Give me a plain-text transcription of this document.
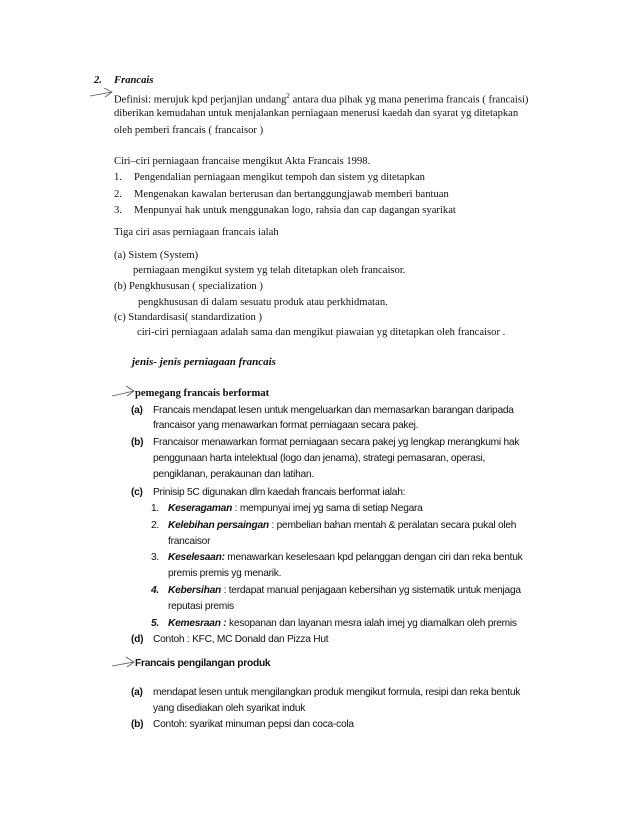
2. Francais
Definisi: merujuk kpd perjanjian undang$^2$ antara dua pihak yg mana penerima francais ( francaisi)
diberikan kemudahan untuk menjalankan perniagaan menerusi kaedah dan syarat yg ditetapkan
oleh pemberi francais ( francaisor )
Ciri–ciri perniagaan francaise mengikut Akta Francais 1998.
1. Pengendalian perniagaan mengikut tempoh dan sistem yg ditetapkan
2. Mengenakan kawalan berterusan dan bertanggungjawab memberi bantuan
3. Menpunyai hak untuk menggunakan logo, rahsia dan cap dagangan syarikat
Tiga ciri asas perniagaan francais ialah
(a) Sistem (System)
perniagaan mengikut system yg telah ditetapkan oleh francaisor.
(b) Pengkhususan ( specialization )
pengkhususan di dalam sesuatu produk atau perkhidmatan.
(c) Standardisasi( standardization )
ciri-ciri perniagaan adalah sama dan mengikut piawaian yg ditetapkan oleh francaisor .
jenis- jenis perniagaan francais
pemegang francais berformat
(a) Francais mendapat lesen untuk mengeluarkan dan memasarkan barangan daripada
francaisor yang menawarkan format perniagaan secara pakej.
(b) Francaisor menawarkan format perniagaan secara pakej yg lengkap merangkumi hak
penggunaan harta intelektual (logo dan jenama), strategi pemasaran, operasi,
pengiklanan, perakaunan dan latihan.
(c) Prinisip 5C digunakan dlm kaedah francais berformat ialah:
1. Keseragaman : mempunyai imej yg sama di setiap Negara
2. Kelebihan persaingan : pembelian bahan mentah & peralatan secara pukal oleh
francaisor
3. Keselesaan: menawarkan keselesaan kpd pelanggan dengan ciri dan reka bentuk
premis premis yg menarik.
4. Kebersihan : terdapat manual penjagaan kebersihan yg sistematik untuk menjaga
reputasi premis
5. Kemesraan : kesopanan dan layanan mesra ialah imej yg diamalkan oleh premis
(d) Contoh : KFC, MC Donald dan Pizza Hut
Francais pengilangan produk
(a) mendapat lesen untuk mengilangkan produk mengikut formula, resipi dan reka bentuk
yang disediakan oleh syarikat induk
(b) Contoh: syarikat minuman pepsi dan coca-cola
